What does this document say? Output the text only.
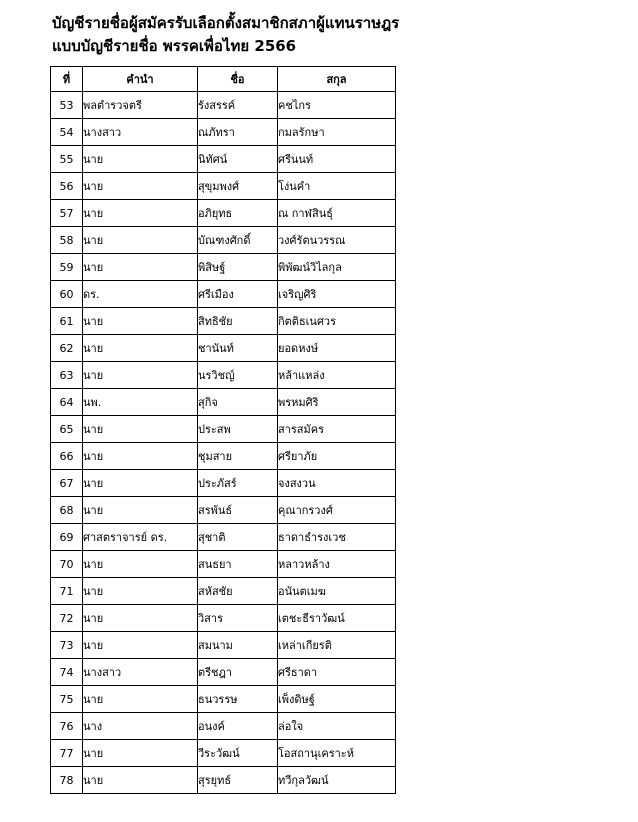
บัญชีรายชื่อผู้สมัครรับเลือกตั้งสมาชิกสภาผู้แทนราษฎร
แบบบัญชีรายชื่อ พรรคเพื่อไทย 2566
ที่	คำนำ	ชื่อ	สกุล
53	พลตำรวจตรี	รังสรรค์	คชไกร
54	นางสาว	ณภัทรา	กมลรักษา
55	นาย	นิทัศน์	ศรีนนท์
56	นาย	สุขุมพงศ์	โง่นคำ
57	นาย	อภิยุทธ	ณ กาฬสินธุ์
58	นาย	บัณฑงศักดิ์	วงศ์รัตนวรรณ
59	นาย	พิสิษฐ์	พิพัฒน์วิไลกุล
60	ดร.	ศรีเมือง	เจริญศิริ
61	นาย	สิทธิชัย	กิตติธเนศวร
62	นาย	ชานันท์	ยอดหงษ์
63	นาย	นรวิชญ์	หล้าแหล่ง
64	นพ.	สุกิจ	พรหมศิริ
65	นาย	ประสพ	สารสมัคร
66	นาย	ชุมสาย	ศรียาภัย
67	นาย	ประภัสร์	จงสงวน
68	นาย	สรพันธ์	คุณากรวงศ์
69	ศาสตราจารย์ ดร.	สุชาติ	ธาดาธำรงเวช
70	นาย	สนธยา	หลาวหล้าง
71	นาย	สหัสชัย	อนันตเมฆ
72	นาย	วิสาร	เตชะธีราวัฒน์
73	นาย	สมนาม	เหล่าเกียรติ
74	นางสาว	ตรีชฎา	ศรีธาดา
75	นาย	ธนวรรษ	เพ็งดิษฐ์
76	นาง	อนงค์	ล่อใจ
77	นาย	วีระวัฒน์	โอสถานุเคราะห์
78	นาย	สุรยุทธ์	ทวีกุลวัฒน์
